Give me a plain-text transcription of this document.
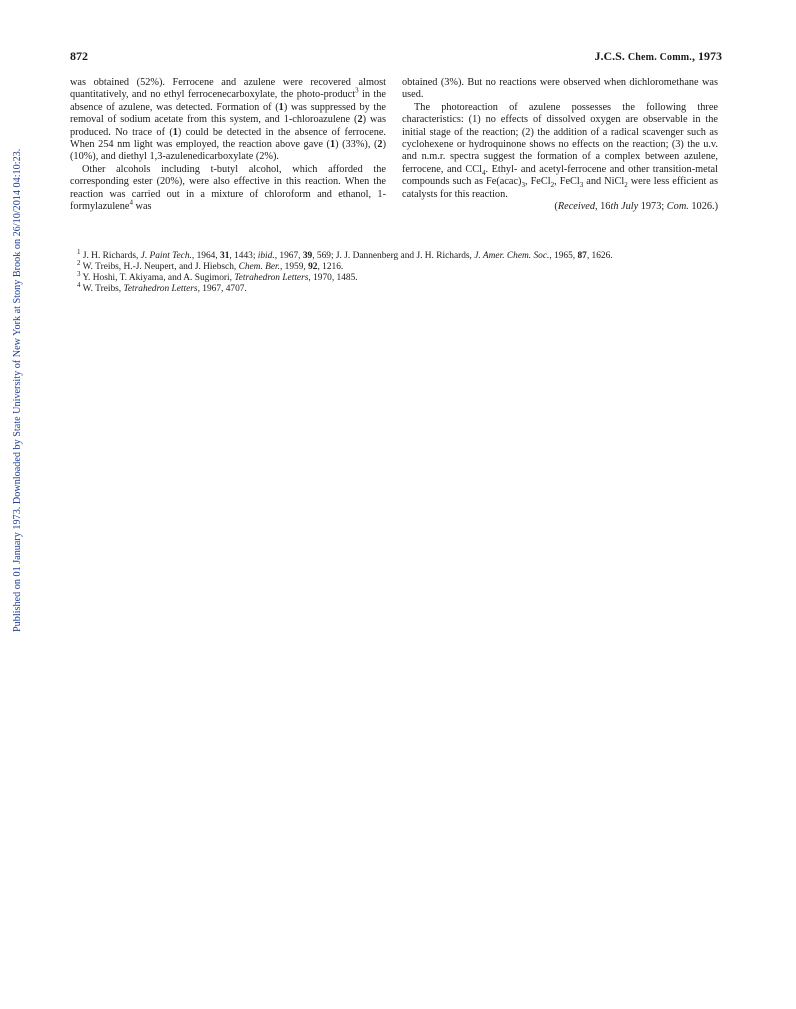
Published on 01 January 1973. Downloaded by State University of New York at Stony Brook on 26/10/2014 04:10:23.
872	J.C.S. Chem. Comm., 1973

was obtained (52%). Ferrocene and azulene were recovered almost quantitatively, and no ethyl ferrocenecarboxylate, the photo-product$^3$ in the absence of azulene, was detected. Formation of (1) was suppressed by the removal of sodium acetate from this system, and 1-chloroazulene (2) was produced. No trace of (1) could be detected in the absence of ferrocene. When 254 nm light was employed, the reaction above gave (1) (33%), (2) (10%), and diethyl 1,3-azulenedicarboxylate (2%).

Other alcohols including t-butyl alcohol, which afforded the corresponding ester (20%), were also effective in this reaction. When the reaction was carried out in a mixture of chloroform and ethanol, 1-formylazulene$^4$ was

obtained (3%). But no reactions were observed when dichloromethane was used.

The photoreaction of azulene possesses the following three characteristics: (1) no effects of dissolved oxygen are observable in the initial stage of the reaction; (2) the addition of a radical scavenger such as cyclohexene or hydroquinone shows no effects on the reaction; (3) the u.v. and n.m.r. spectra suggest the formation of a complex between azulene, ferrocene, and CCl$_4$. Ethyl- and acetyl-ferrocene and other transition-metal compounds such as $Fe(acac)_3$, FeCl$_2$, FeCl$_3$ and NiCl$_2$ were less efficient as catalysts for this reaction.

(Received, 16th July 1973; Com. 1026.)

$^1$ J. H. Richards, J. Paint Tech., 1964, 31, 1443; ibid., 1967, 39, 569; J. J. Dannenberg and J. H. Richards, J. Amer. Chem. Soc., 1965, 87, 1626.

$^2$ W. Treibs, H.-J. Neupert, and J. Hiebsch, Chem. Ber., 1959, 92, 1216.

$^3$ Y. Hoshi, T. Akiyama, and A. Sugimori, Tetrahedron Letters, 1970, 1485.

$^4$ W. Treibs, Tetrahedron Letters, 1967, 4707.
